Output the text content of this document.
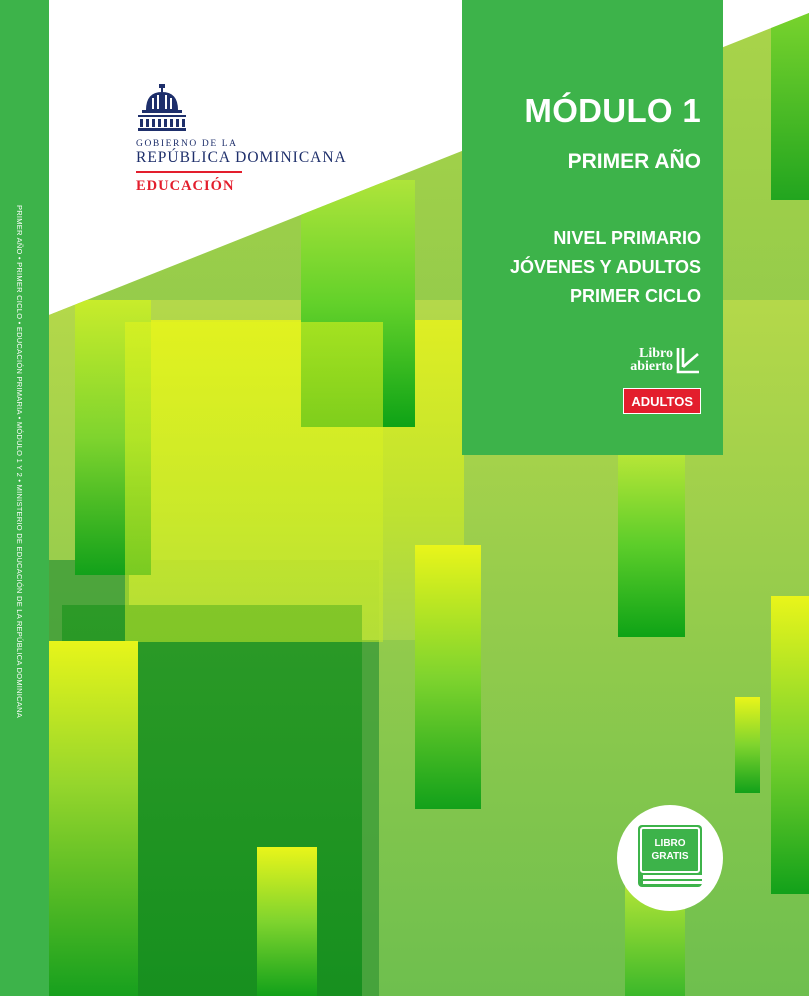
PRIMER AÑO • PRIMER CICLO • EDUCACIÓN PRIMARIA • MÓDULO 1 Y 2 • MINISTERIO DE EDUCACIÓN DE LA REPÚBLICA DOMINICANA
GOBIERNO DE LA
REPÚBLICA DOMINICANA
EDUCACIÓN
MÓDULO 1
PRIMER AÑO
NIVEL PRIMARIO
JÓVENES Y ADULTOS
PRIMER CICLO
Libro
abierto
ADULTOS
LIBRO
GRATIS
